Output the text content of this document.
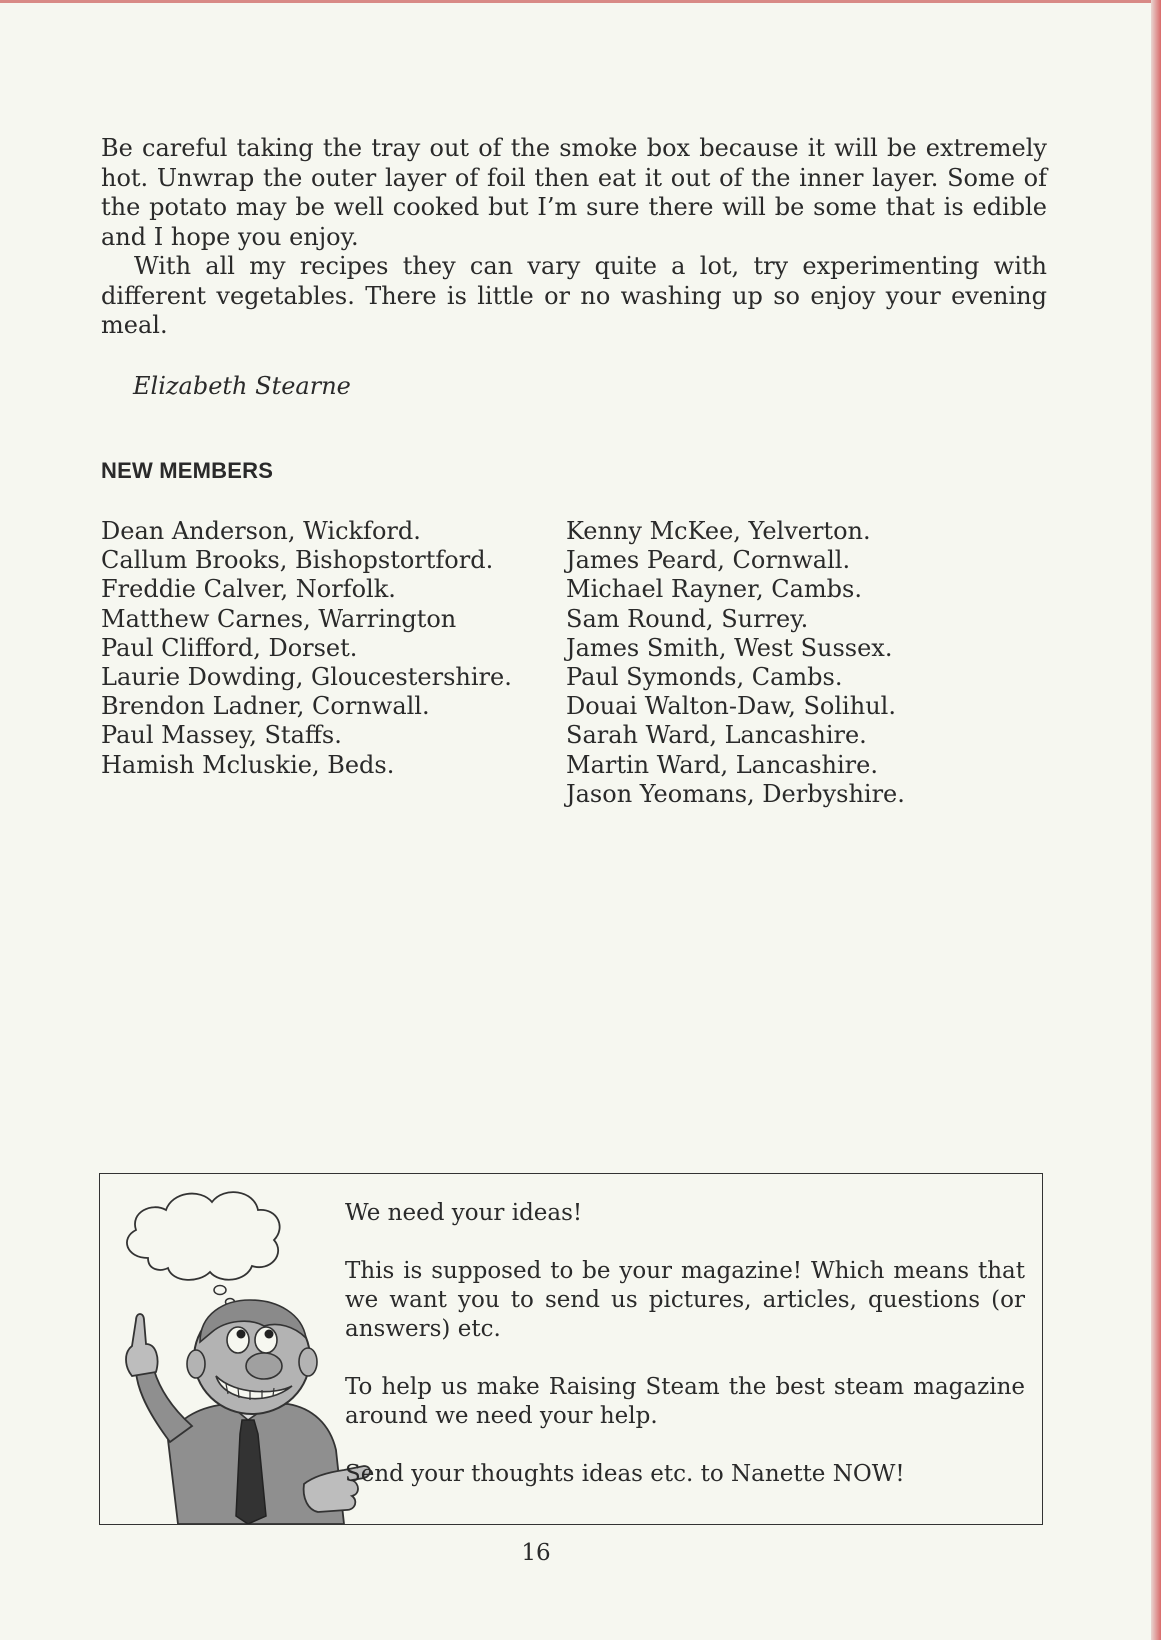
Be careful taking the tray out of the smoke box because it will be extremely hot. Unwrap the outer layer of foil then eat it out of the inner layer. Some of the potato may be well cooked but I’m sure there will be some that is edible and I hope you enjoy.

With all my recipes they can vary quite a lot, try experimenting with different vegetables. There is little or no washing up so enjoy your evening meal.

Elizabeth Stearne
NEW MEMBERS
Dean Anderson, Wickford.
Callum Brooks, Bishopstortford.
Freddie Calver, Norfolk.
Matthew Carnes, Warrington
Paul Clifford, Dorset.
Laurie Dowding, Gloucestershire.
Brendon Ladner, Cornwall.
Paul Massey, Staffs.
Hamish Mcluskie, Beds.
Kenny McKee, Yelverton.
James Peard, Cornwall.
Michael Rayner, Cambs.
Sam Round, Surrey.
James Smith, West Sussex.
Paul Symonds, Cambs.
Douai Walton-Daw, Solihul.
Sarah Ward, Lancashire.
Martin Ward, Lancashire.
Jason Yeomans, Derbyshire.

We need your ideas!

This is supposed to be your magazine! Which means that we want you to send us pictures, articles, questions (or answers) etc.

To help us make Raising Steam the best steam magazine around we need your help.

Send your thoughts ideas etc. to Nanette NOW!

16
